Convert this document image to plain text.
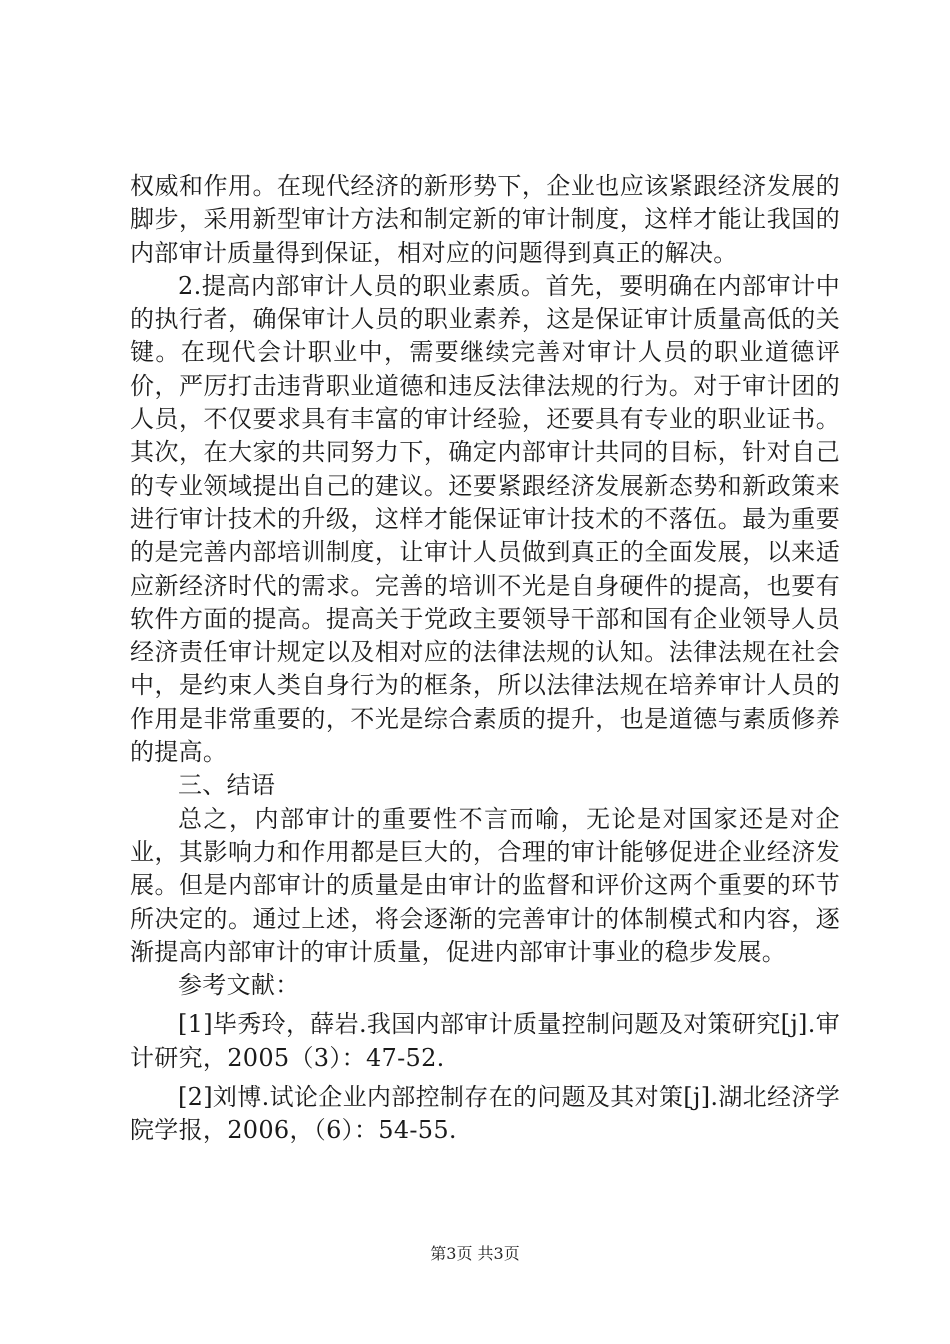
权威和作用。在现代经济的新形势下，企业也应该紧跟经济发展的脚步，采用新型审计方法和制定新的审计制度，这样才能让我国的内部审计质量得到保证，相对应的问题得到真正的解决。

2.提高内部审计人员的职业素质。首先，要明确在内部审计中的执行者，确保审计人员的职业素养，这是保证审计质量高低的关键。在现代会计职业中，需要继续完善对审计人员的职业道德评价，严厉打击违背职业道德和违反法律法规的行为。对于审计团的人员，不仅要求具有丰富的审计经验，还要具有专业的职业证书。其次，在大家的共同努力下，确定内部审计共同的目标，针对自己的专业领域提出自己的建议。还要紧跟经济发展新态势和新政策来进行审计技术的升级，这样才能保证审计技术的不落伍。最为重要的是完善内部培训制度，让审计人员做到真正的全面发展，以来适应新经济时代的需求。完善的培训不光是自身硬件的提高，也要有软件方面的提高。提高关于党政主要领导干部和国有企业领导人员经济责任审计规定以及相对应的法律法规的认知。法律法规在社会中，是约束人类自身行为的框条，所以法律法规在培养审计人员的作用是非常重要的，不光是综合素质的提升，也是道德与素质修养的提高。

三、结语

总之，内部审计的重要性不言而喻，无论是对国家还是对企业，其影响力和作用都是巨大的，合理的审计能够促进企业经济发展。但是内部审计的质量是由审计的监督和评价这两个重要的环节所决定的。通过上述，将会逐渐的完善审计的体制模式和内容，逐渐提高内部审计的审计质量，促进内部审计事业的稳步发展。

参考文献：

[1]毕秀玲，薛岩.我国内部审计质量控制问题及对策研究[j].审计研究，2005（3）：47-52.

[2]刘博.试论企业内部控制存在的问题及其对策[j].湖北经济学院学报，2006，（6）：54-55.

第3页 共3页
